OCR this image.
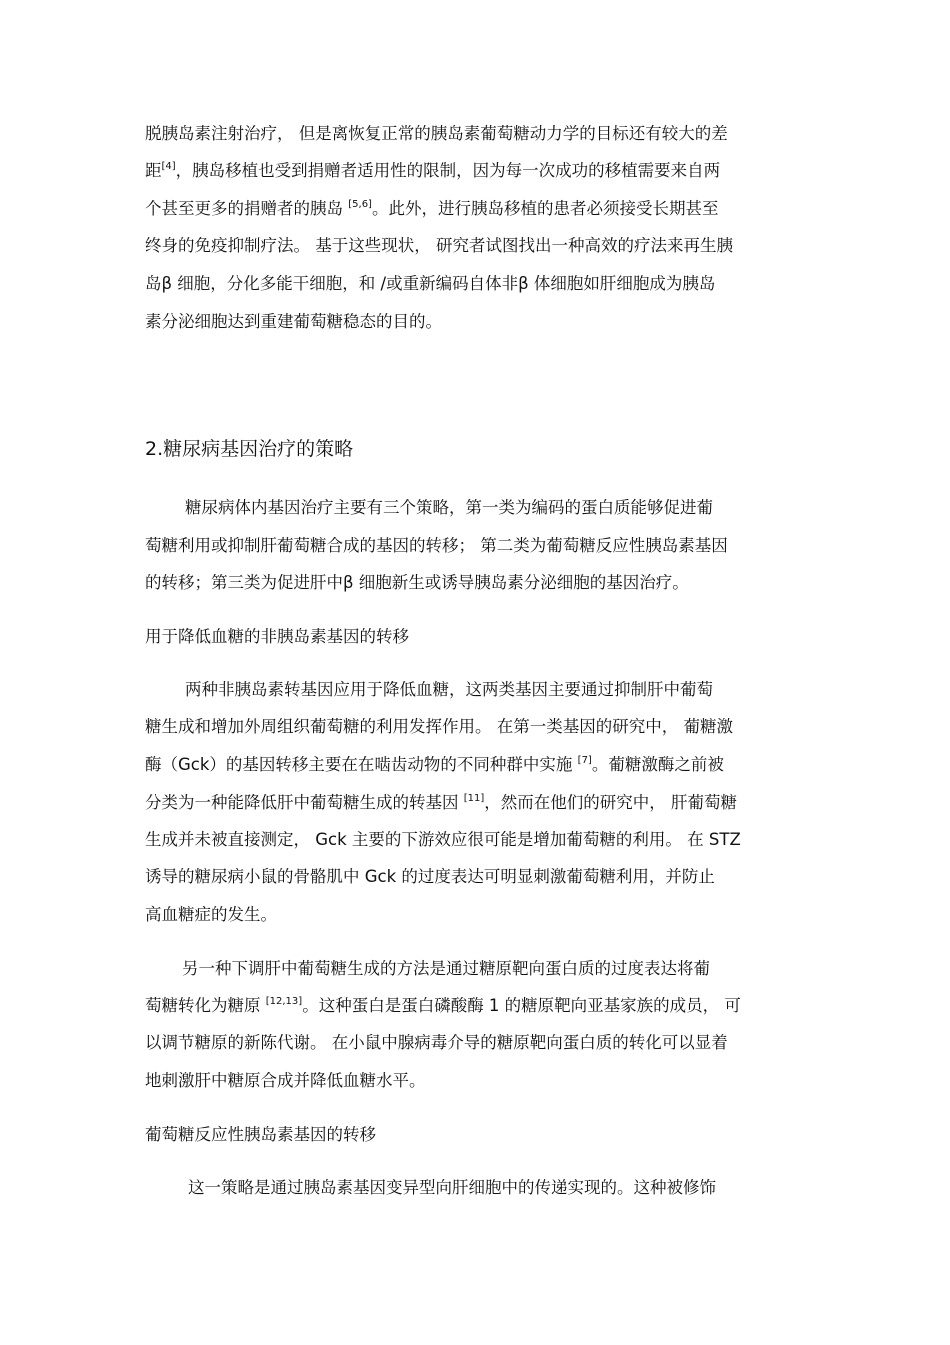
脱胰岛素注射治疗， 但是离恢复正常的胰岛素葡萄糖动力学的目标还有较大的差

距[4]，胰岛移植也受到捐赠者适用性的限制，因为每一次成功的移植需要来自两

个甚至更多的捐赠者的胰岛 [5,6]。此外，进行胰岛移植的患者必须接受长期甚至

终身的免疫抑制疗法。 基于这些现状， 研究者试图找出一种高效的疗法来再生胰

岛β 细胞，分化多能干细胞，和 /或重新编码自体非β 体细胞如肝细胞成为胰岛

素分泌细胞达到重建葡萄糖稳态的目的。

2.糖尿病基因治疗的策略

糖尿病体内基因治疗主要有三个策略，第一类为编码的蛋白质能够促进葡

萄糖利用或抑制肝葡萄糖合成的基因的转移； 第二类为葡萄糖反应性胰岛素基因

的转移；第三类为促进肝中β 细胞新生或诱导胰岛素分泌细胞的基因治疗。

用于降低血糖的非胰岛素基因的转移

两种非胰岛素转基因应用于降低血糖，这两类基因主要通过抑制肝中葡萄

糖生成和增加外周组织葡萄糖的利用发挥作用。 在第一类基因的研究中， 葡糖激

酶（Gck）的基因转移主要在在啮齿动物的不同种群中实施 [7]。葡糖激酶之前被

分类为一种能降低肝中葡萄糖生成的转基因 [11]，然而在他们的研究中， 肝葡萄糖

生成并未被直接测定， Gck 主要的下游效应很可能是增加葡萄糖的利用。 在 STZ

诱导的糖尿病小鼠的骨骼肌中 Gck 的过度表达可明显刺激葡萄糖利用，并防止

高血糖症的发生。

另一种下调肝中葡萄糖生成的方法是通过糖原靶向蛋白质的过度表达将葡

萄糖转化为糖原 [12,13]。这种蛋白是蛋白磷酸酶 1 的糖原靶向亚基家族的成员， 可

以调节糖原的新陈代谢。 在小鼠中腺病毒介导的糖原靶向蛋白质的转化可以显着

地刺激肝中糖原合成并降低血糖水平。

葡萄糖反应性胰岛素基因的转移

这一策略是通过胰岛素基因变异型向肝细胞中的传递实现的。这种被修饰
